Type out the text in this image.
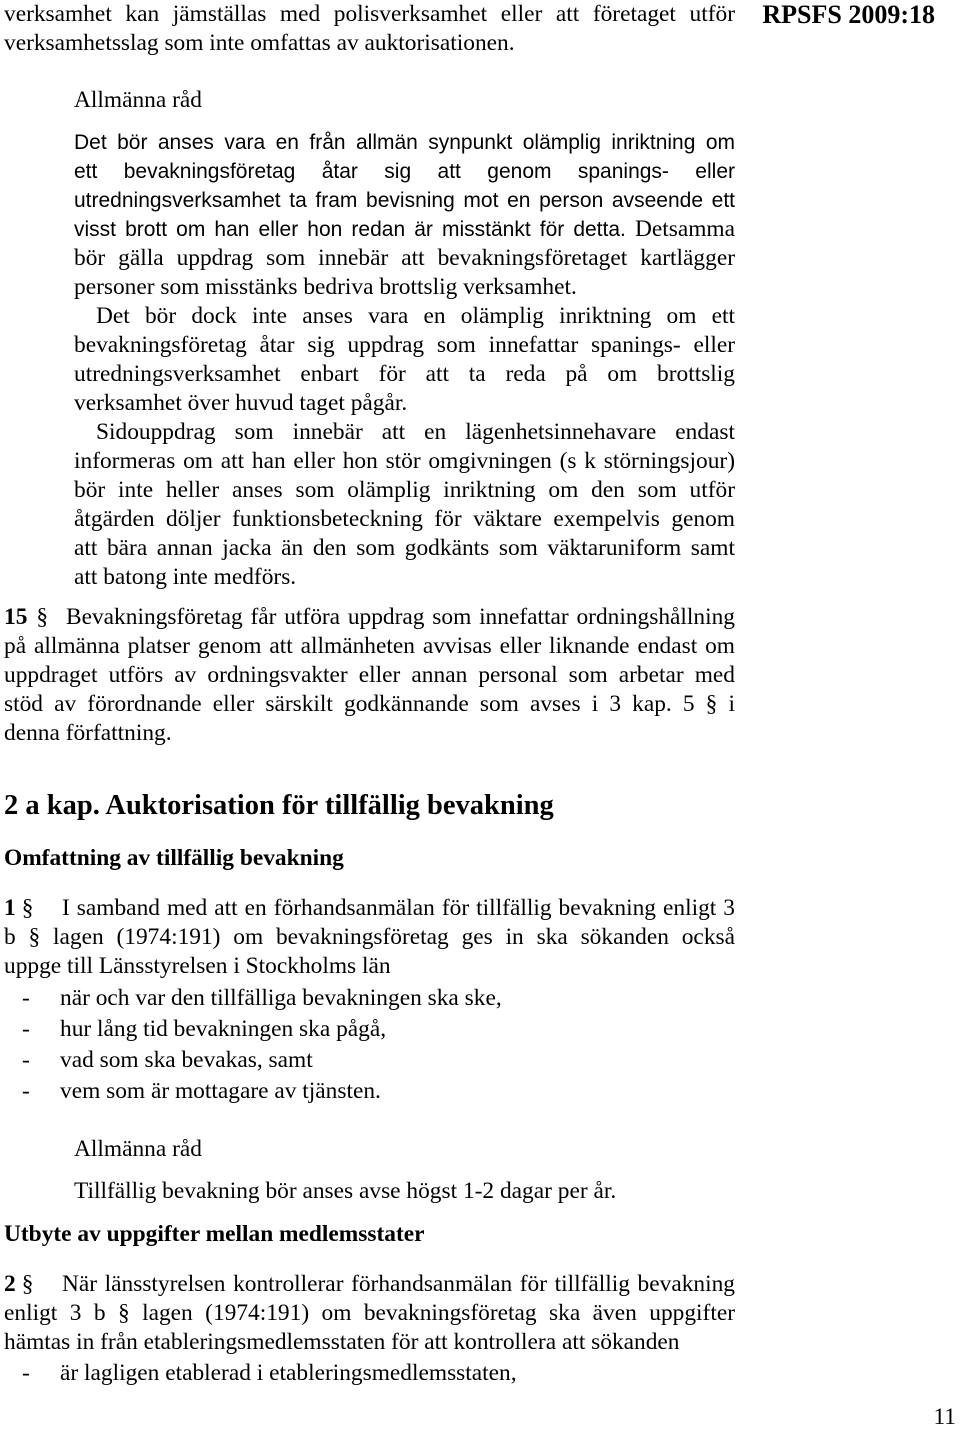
verksamhet kan jämställas med polisverksamhet eller att företaget utför
verksamhetsslag som inte omfattas av auktorisationen.
RPSFS 2009:18
Allmänna råd
Det bör anses vara en från allmän synpunkt olämplig inriktning om
ett bevakningsföretag åtar sig att genom spanings- eller
utredningsverksamhet ta fram bevisning mot en person avseende ett
visst brott om han eller hon redan är misstänkt för detta. Detsamma
bör gälla uppdrag som innebär att bevakningsföretaget kartlägger
personer som misstänks bedriva brottslig verksamhet.
Det bör dock inte anses vara en olämplig inriktning om ett
bevakningsföretag åtar sig uppdrag som innefattar spanings- eller
utredningsverksamhet enbart för att ta reda på om brottslig
verksamhet över huvud taget pågår.
Sidouppdrag som innebär att en lägenhetsinnehavare endast
informeras om att han eller hon stör omgivningen (s k störningsjour)
bör inte heller anses som olämplig inriktning om den som utför
åtgärden döljer funktionsbeteckning för väktare exempelvis genom
att bära annan jacka än den som godkänts som väktaruniform samt
att batong inte medförs.
15 § Bevakningsföretag får utföra uppdrag som innefattar ordningshållning
på allmänna platser genom att allmänheten avvisas eller liknande endast om
uppdraget utförs av ordningsvakter eller annan personal som arbetar med
stöd av förordnande eller särskilt godkännande som avses i 3 kap. 5 § i
denna författning.
2 a kap. Auktorisation för tillfällig bevakning
Omfattning av tillfällig bevakning
1 § I samband med att en förhandsanmälan för tillfällig bevakning enligt 3
b § lagen (1974:191) om bevakningsföretag ges in ska sökanden också
uppge till Länsstyrelsen i Stockholms län
- när och var den tillfälliga bevakningen ska ske,
- hur lång tid bevakningen ska pågå,
- vad som ska bevakas, samt
- vem som är mottagare av tjänsten.
Allmänna råd
Tillfällig bevakning bör anses avse högst 1-2 dagar per år.
Utbyte av uppgifter mellan medlemsstater
2 § När länsstyrelsen kontrollerar förhandsanmälan för tillfällig bevakning
enligt 3 b § lagen (1974:191) om bevakningsföretag ska även uppgifter
hämtas in från etableringsmedlemsstaten för att kontrollera att sökanden
- är lagligen etablerad i etableringsmedlemsstaten,
11
